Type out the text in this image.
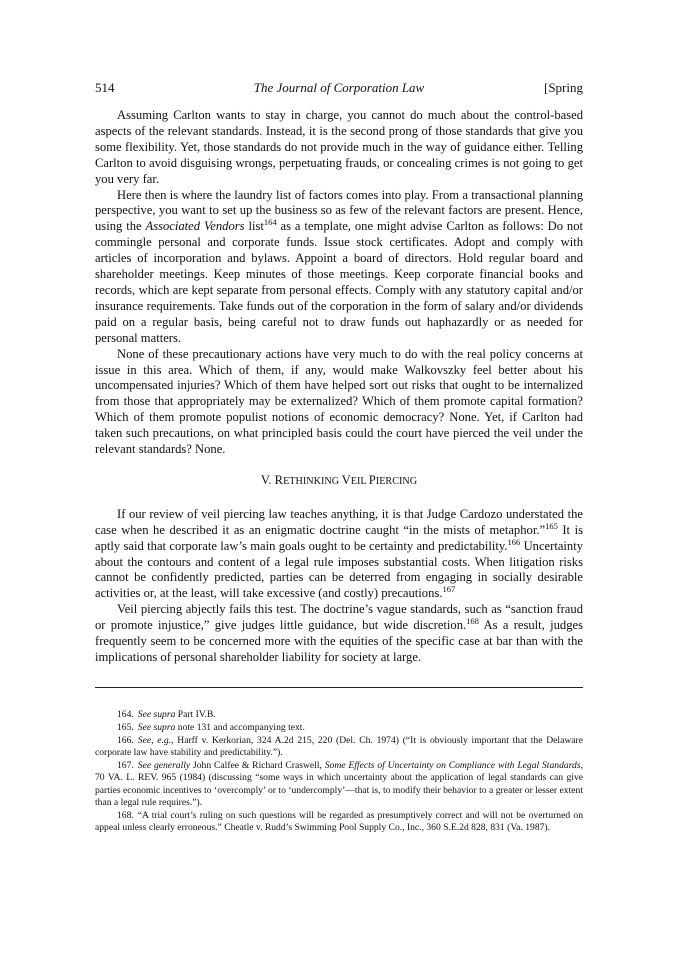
514	The Journal of Corporation Law	[Spring

Assuming Carlton wants to stay in charge, you cannot do much about the control-based aspects of the relevant standards. Instead, it is the second prong of those standards that give you some flexibility. Yet, those standards do not provide much in the way of guidance either. Telling Carlton to avoid disguising wrongs, perpetuating frauds, or concealing crimes is not going to get you very far.

Here then is where the laundry list of factors comes into play. From a transactional planning perspective, you want to set up the business so as few of the relevant factors are present. Hence, using the Associated Vendors list$^{164}$ as a template, one might advise Carlton as follows: Do not commingle personal and corporate funds. Issue stock certificates. Adopt and comply with articles of incorporation and bylaws. Appoint a board of directors. Hold regular board and shareholder meetings. Keep minutes of those meetings. Keep corporate financial books and records, which are kept separate from personal effects. Comply with any statutory capital and/or insurance requirements. Take funds out of the corporation in the form of salary and/or dividends paid on a regular basis, being careful not to draw funds out haphazardly or as needed for personal matters.

None of these precautionary actions have very much to do with the real policy concerns at issue in this area. Which of them, if any, would make Walkovszky feel better about his uncompensated injuries? Which of them have helped sort out risks that ought to be internalized from those that appropriately may be externalized? Which of them promote capital formation? Which of them promote populist notions of economic democracy? None. Yet, if Carlton had taken such precautions, on what principled basis could the court have pierced the veil under the relevant standards? None.

V. RETHINKING VEIL PIERCING

If our review of veil piercing law teaches anything, it is that Judge Cardozo understated the case when he described it as an enigmatic doctrine caught “in the mists of metaphor.”$^{165}$ It is aptly said that corporate law’s main goals ought to be certainty and predictability.$^{166}$ Uncertainty about the contours and content of a legal rule imposes substantial costs. When litigation risks cannot be confidently predicted, parties can be deterred from engaging in socially desirable activities or, at the least, will take excessive (and costly) precautions.$^{167}$

Veil piercing abjectly fails this test. The doctrine’s vague standards, such as “sanction fraud or promote injustice,” give judges little guidance, but wide discretion.$^{168}$ As a result, judges frequently seem to be concerned more with the equities of the specific case at bar than with the implications of personal shareholder liability for society at large.

164. See supra Part IV.B.

165. See supra note 131 and accompanying text.

166. See, e.g., Harff v. Kerkorian, 324 A.2d 215, 220 (Del. Ch. 1974) (“It is obviously important that the Delaware corporate law have stability and predictability.”).

167. See generally John Calfee & Richard Craswell, Some Effects of Uncertainty on Compliance with Legal Standards, 70 VA. L. REV. 965 (1984) (discussing “some ways in which uncertainty about the application of legal standards can give parties economic incentives to ‘overcomply’ or to ‘undercomply’—that is, to modify their behavior to a greater or lesser extent than a legal rule requires.”).

168. “A trial court’s ruling on such questions will be regarded as presumptively correct and will not be overturned on appeal unless clearly erroneous.” Cheatle v. Rudd’s Swimming Pool Supply Co., Inc., 360 S.E.2d 828, 831 (Va. 1987).
